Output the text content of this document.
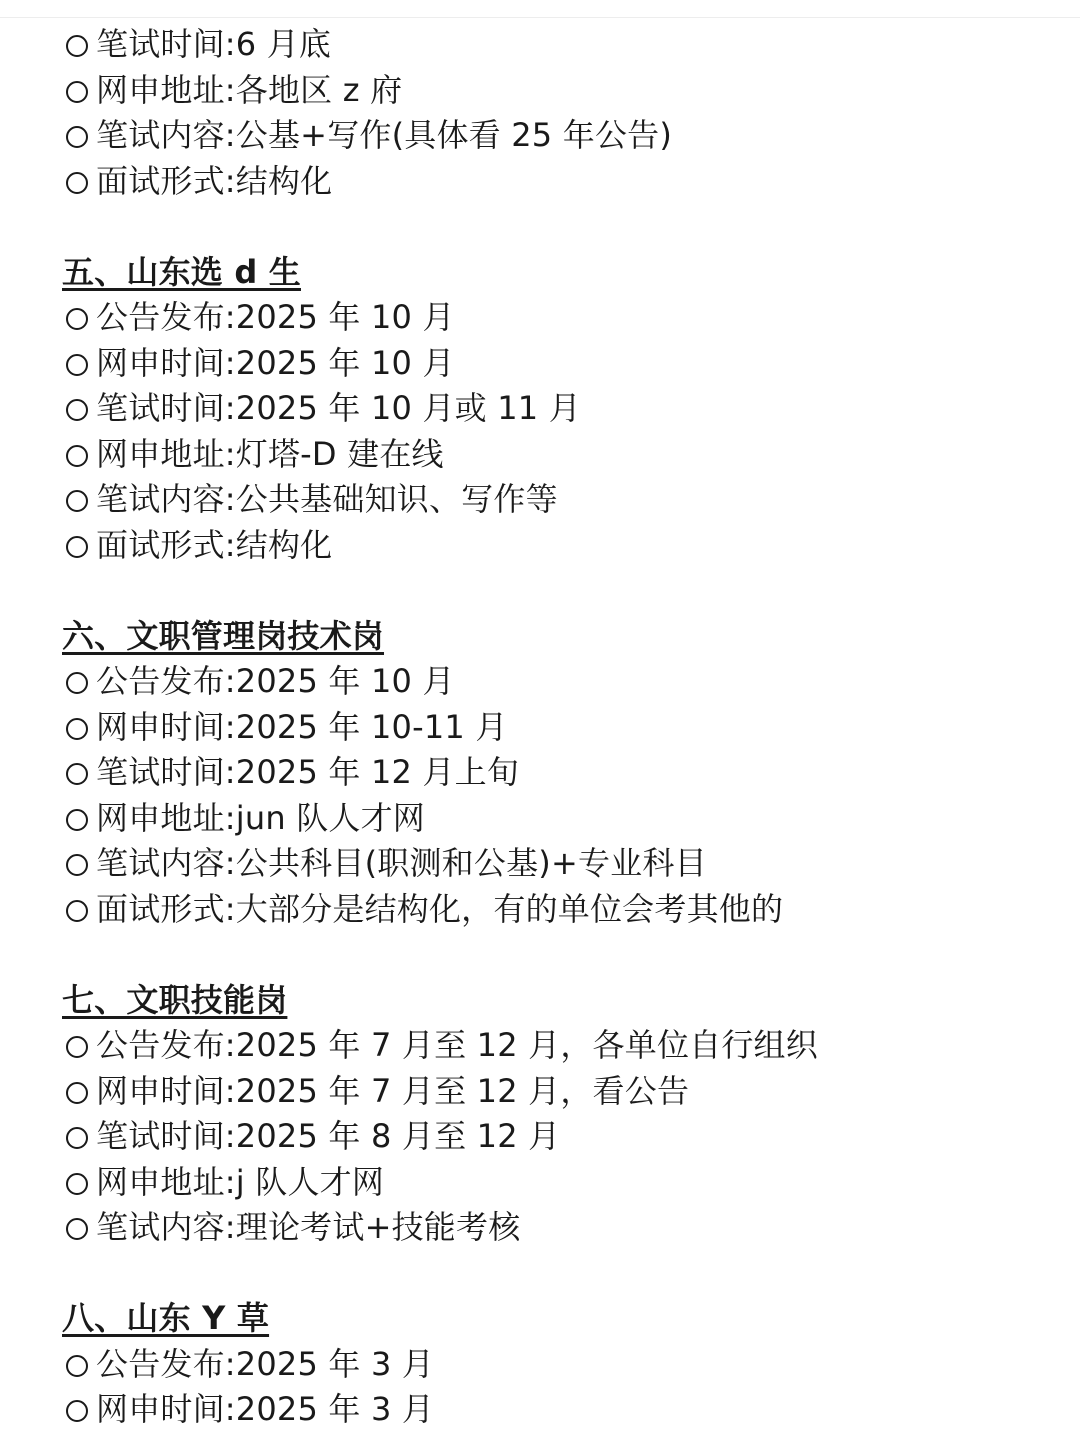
笔试时间:6 月底
网申地址:各地区 z 府
笔试内容:公基+写作(具体看 25 年公告)
面试形式:结构化
五、山东选 d 生
公告发布:2025 年 10 月
网申时间:2025 年 10 月
笔试时间:2025 年 10 月或 11 月
网申地址:灯塔-D 建在线
笔试内容:公共基础知识、写作等
面试形式:结构化
六、文职管理岗技术岗
公告发布:2025 年 10 月
网申时间:2025 年 10-11 月
笔试时间:2025 年 12 月上旬
网申地址:jun 队人才网
笔试内容:公共科目(职测和公基)+专业科目
面试形式:大部分是结构化，有的单位会考其他的
七、文职技能岗
公告发布:2025 年 7 月至 12 月，各单位自行组织
网申时间:2025 年 7 月至 12 月，看公告
笔试时间:2025 年 8 月至 12 月
网申地址:j 队人才网
笔试内容:理论考试+技能考核
八、山东 Y 草
公告发布:2025 年 3 月
网申时间:2025 年 3 月
